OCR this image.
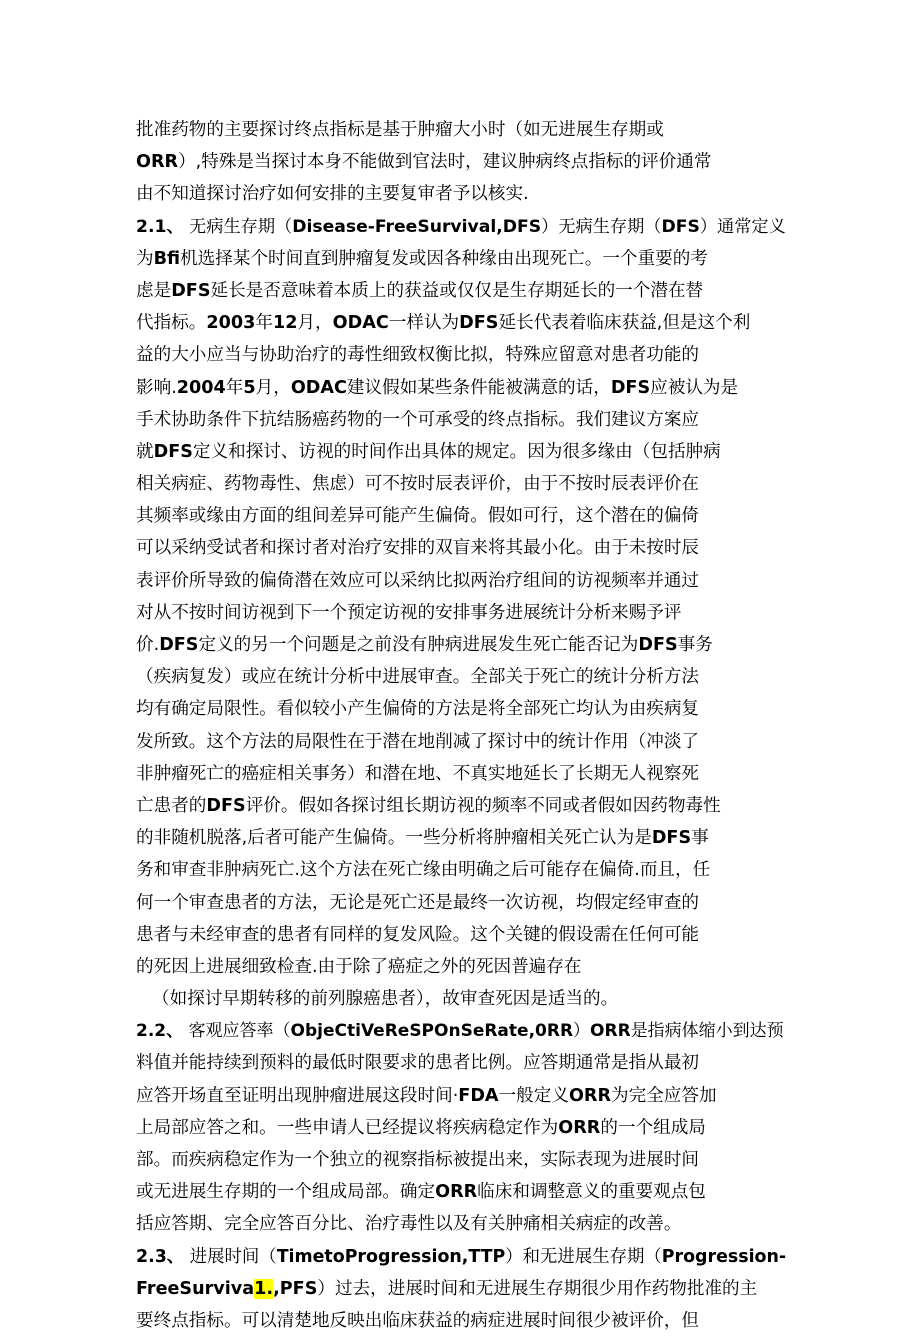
批准药物的主要探讨终点指标是基于肿瘤大小时（如无进展生存期或
ORR）,特殊是当探讨本身不能做到官法时，建议肿病终点指标的评价通常
由不知道探讨治疗如何安排的主要复审者予以核实.
2.1、 无病生存期（Disease-FreeSurvival,DFS）无病生存期（DFS）通常定义
为Bfi机选择某个时间直到肿瘤复发或因各种缘由出现死亡。一个重要的考
虑是DFS延长是否意味着本质上的获益或仅仅是生存期延长的一个潜在替
代指标。2003年12月，ODAC一样认为DFS延长代表着临床获益,但是这个利
益的大小应当与协助治疗的毒性细致权衡比拟，特殊应留意对患者功能的
影响.2004年5月，ODAC建议假如某些条件能被满意的话，DFS应被认为是
手术协助条件下抗结肠癌药物的一个可承受的终点指标。我们建议方案应
就DFS定义和探讨、访视的时间作出具体的规定。因为很多缘由（包括肿病
相关病症、药物毒性、焦虑）可不按时辰表评价，由于不按时辰表评价在
其频率或缘由方面的组间差异可能产生偏倚。假如可行，这个潜在的偏倚
可以采纳受试者和探讨者对治疗安排的双盲来将其最小化。由于未按时辰
表评价所导致的偏倚潜在效应可以采纳比拟两治疗组间的访视频率并通过
对从不按时间访视到下一个预定访视的安排事务进展统计分析来赐予评
价.DFS定义的另一个问题是之前没有肿病进展发生死亡能否记为DFS事务
（疾病复发）或应在统计分析中进展审查。全部关于死亡的统计分析方法
均有确定局限性。看似较小产生偏倚的方法是将全部死亡均认为由疾病复
发所致。这个方法的局限性在于潜在地削减了探讨中的统计作用（冲淡了
非肿瘤死亡的癌症相关事务）和潜在地、不真实地延长了长期无人视察死
亡患者的DFS评价。假如各探讨组长期访视的频率不同或者假如因药物毒性
的非随机脱落,后者可能产生偏倚。一些分析将肿瘤相关死亡认为是DFS事
务和审查非肿病死亡.这个方法在死亡缘由明确之后可能存在偏倚.而且，任
何一个审查患者的方法，无论是死亡还是最终一次访视，均假定经审查的
患者与未经审查的患者有同样的复发风险。这个关键的假设需在任何可能
的死因上进展细致检查.由于除了癌症之外的死因普遍存在
（如探讨早期转移的前列腺癌患者），故审查死因是适当的。
2.2、 客观应答率（ObjeCtiVeReSPOnSeRate,0RR）ORR是指病体缩小到达预
料值并能持续到预料的最低时限要求的患者比例。应答期通常是指从最初
应答开场直至证明出现肿瘤进展这段时间·FDA一般定义ORR为完全应答加
上局部应答之和。一些申请人已经提议将疾病稳定作为ORR的一个组成局
部。而疾病稳定作为一个独立的视察指标被提出来，实际表现为进展时间
或无进展生存期的一个组成局部。确定ORR临床和调整意义的重要观点包
括应答期、完全应答百分比、治疗毒性以及有关肿痛相关病症的改善。
2.3、 进展时间（TimetoProgression,TTP）和无进展生存期（Progression-
FreeSurviva1.,PFS）过去，进展时间和无进展生存期很少用作药物批准的主
要终点指标。可以清楚地反映出临床获益的病症进展时间很少被评价，但
